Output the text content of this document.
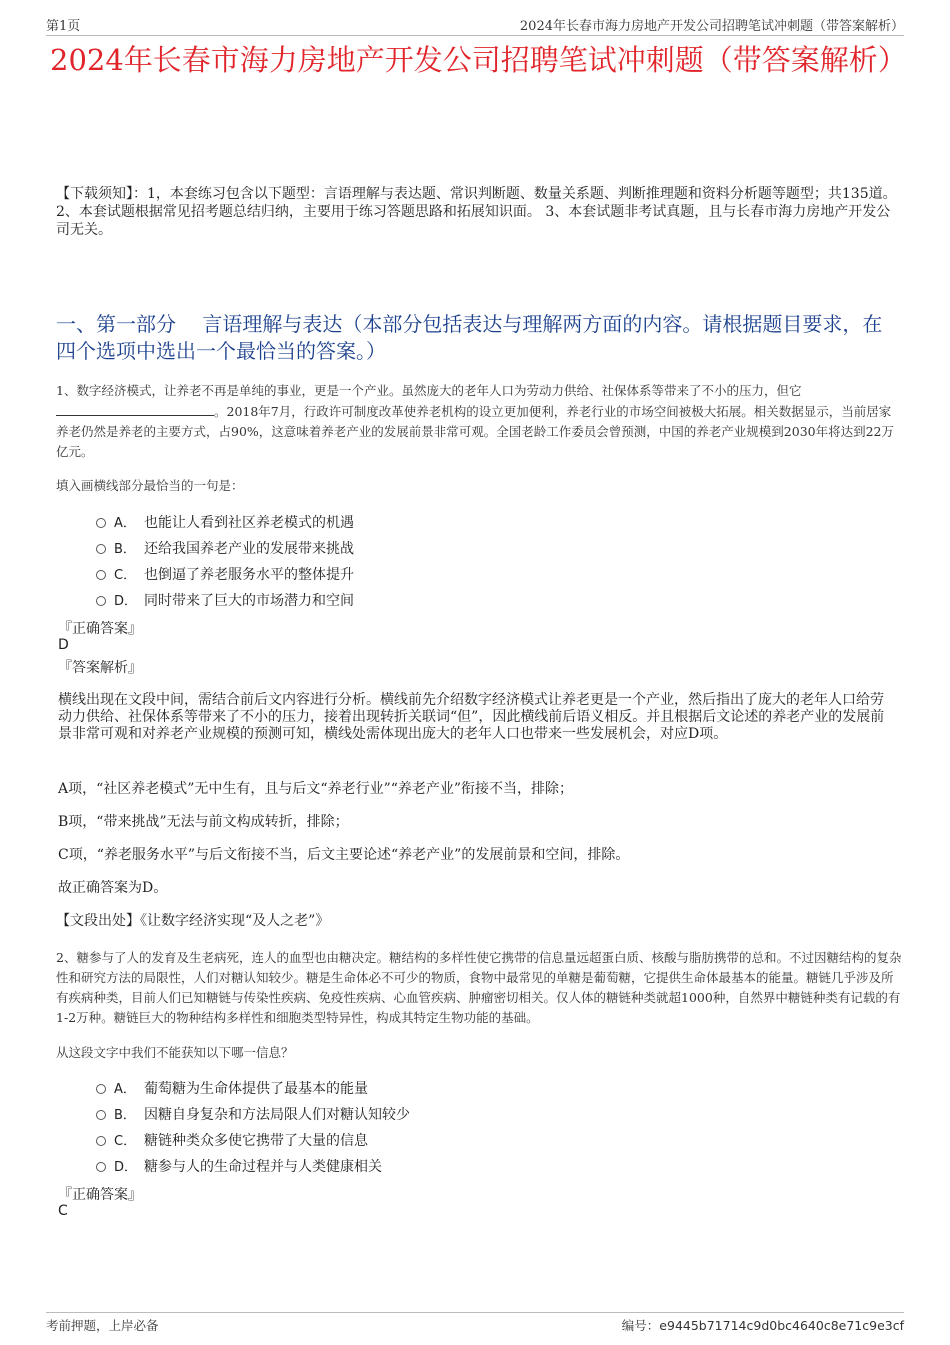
第1页	2024年长春市海力房地产开发公司招聘笔试冲刺题（带答案解析）
2024年长春市海力房地产开发公司招聘笔试冲刺题（带答案解析）
【下载须知】：1，本套练习包含以下题型：言语理解与表达题、常识判断题、数量关系题、判断推理题和资料分析题等题型；共135道。 2、本套试题根据常见招考题总结归纳，主要用于练习答题思路和拓展知识面。 3、本套试题非考试真题，且与长春市海力房地产开发公司无关。
一、第一部分　 言语理解与表达（本部分包括表达与理解两方面的内容。请根据题目要求，在四个选项中选出一个最恰当的答案。）
1、数字经济模式，让养老不再是单纯的事业，更是一个产业。虽然庞大的老年人口为劳动力供给、社保体系等带来了不小的压力，但它。2018年7月，行政许可制度改革使养老机构的设立更加便利，养老行业的市场空间被极大拓展。相关数据显示，当前居家养老仍然是养老的主要方式，占90%，这意味着养老产业的发展前景非常可观。全国老龄工作委员会曾预测，中国的养老产业规模到2030年将达到22万亿元。
填入画横线部分最恰当的一句是：
A． 也能让人看到社区养老模式的机遇
B． 还给我国养老产业的发展带来挑战
C． 也倒逼了养老服务水平的整体提升
D． 同时带来了巨大的市场潜力和空间
『正确答案』
D
『答案解析』
横线出现在文段中间，需结合前后文内容进行分析。横线前先介绍数字经济模式让养老更是一个产业，然后指出了庞大的老年人口给劳动力供给、社保体系等带来了不小的压力，接着出现转折关联词“但”，因此横线前后语义相反。并且根据后文论述的养老产业的发展前景非常可观和对养老产业规模的预测可知，横线处需体现出庞大的老年人口也带来一些发展机会，对应D项。
A项，“社区养老模式”无中生有，且与后文“养老行业”“养老产业”衔接不当，排除；
B项，“带来挑战”无法与前文构成转折，排除；
C项，“养老服务水平”与后文衔接不当，后文主要论述“养老产业”的发展前景和空间，排除。
故正确答案为D。
【文段出处】《让数字经济实现“及人之老”》
2、糖参与了人的发育及生老病死，连人的血型也由糖决定。糖结构的多样性使它携带的信息量远超蛋白质、核酸与脂肪携带的总和。不过因糖结构的复杂性和研究方法的局限性，人们对糖认知较少。糖是生命体必不可少的物质，食物中最常见的单糖是葡萄糖，它提供生命体最基本的能量。糖链几乎涉及所有疾病种类，目前人们已知糖链与传染性疾病、免疫性疾病、心血管疾病、肿瘤密切相关。仅人体的糖链种类就超1000种，自然界中糖链种类有记载的有1-2万种。糖链巨大的物种结构多样性和细胞类型特异性，构成其特定生物功能的基础。
从这段文字中我们不能获知以下哪一信息？
A． 葡萄糖为生命体提供了最基本的能量
B． 因糖自身复杂和方法局限人们对糖认知较少
C． 糖链种类众多使它携带了大量的信息
D． 糖参与人的生命过程并与人类健康相关
『正确答案』
C
考前押题，上岸必备	编号：e9445b71714c9d0bc4640c8e71c9e3cf
